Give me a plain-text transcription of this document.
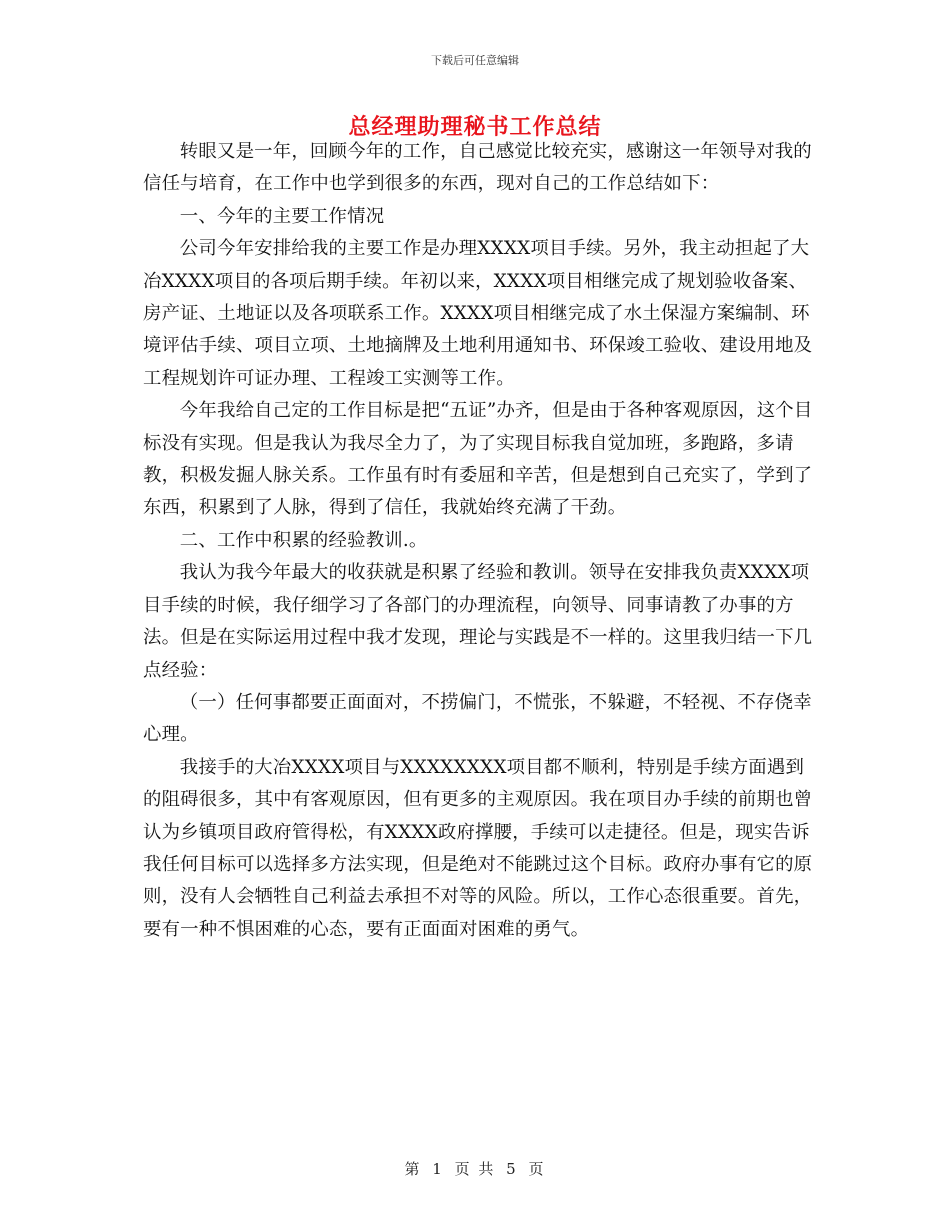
下载后可任意编辑
总经理助理秘书工作总结

转眼又是一年，回顾今年的工作，自己感觉比较充实，感谢这一年领导对我的信任与培育，在工作中也学到很多的东西，现对自己的工作总结如下：

一、今年的主要工作情况

公司今年安排给我的主要工作是办理XXXX项目手续。另外，我主动担起了大冶XXXX项目的各项后期手续。年初以来，XXXX项目相继完成了规划验收备案、房产证、土地证以及各项联系工作。XXXX项目相继完成了水土保湿方案编制、环境评估手续、项目立项、土地摘牌及土地利用通知书、环保竣工验收、建设用地及工程规划许可证办理、工程竣工实测等工作。

今年我给自己定的工作目标是把“五证”办齐，但是由于各种客观原因，这个目标没有实现。但是我认为我尽全力了，为了实现目标我自觉加班，多跑路，多请教，积极发掘人脉关系。工作虽有时有委屈和辛苦，但是想到自己充实了，学到了东西，积累到了人脉，得到了信任，我就始终充满了干劲。

二、工作中积累的经验教训.。

我认为我今年最大的收获就是积累了经验和教训。领导在安排我负责XXXX项目手续的时候，我仔细学习了各部门的办理流程，向领导、同事请教了办事的方法。但是在实际运用过程中我才发现，理论与实践是不一样的。这里我归结一下几点经验：

（一）任何事都要正面面对，不捞偏门，不慌张，不躲避，不轻视、不存侥幸心理。

我接手的大冶XXXX项目与XXXXXXXX项目都不顺利，特别是手续方面遇到的阻碍很多，其中有客观原因，但有更多的主观原因。我在项目办手续的前期也曾认为乡镇项目政府管得松，有XXXX政府撑腰，手续可以走捷径。但是，现实告诉我任何目标可以选择多方法实现，但是绝对不能跳过这个目标。政府办事有它的原则，没有人会牺牲自己利益去承担不对等的风险。所以，工作心态很重要。首先，要有一种不惧困难的心态，要有正面面对困难的勇气。

第 1 页 共 5 页
